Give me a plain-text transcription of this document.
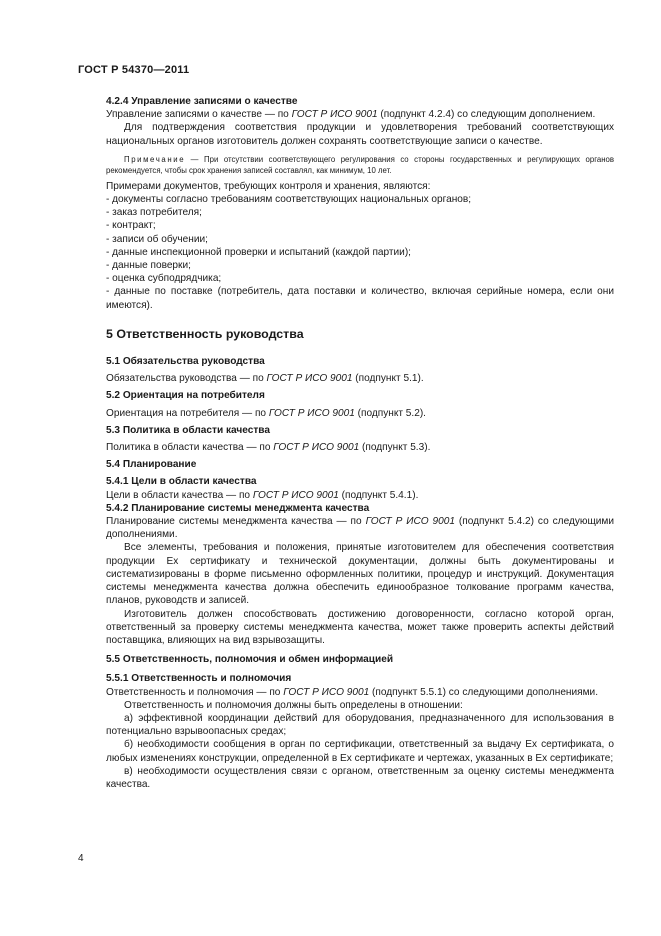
ГОСТ Р 54370—2011

4.2.4 Управление записями о качестве

Управление записями о качестве — по ГОСТ Р ИСО 9001 (подпункт 4.2.4) со следующим дополнением.

Для подтверждения соответствия продукции и удовлетворения требований соответствующих национальных органов изготовитель должен сохранять соответствующие записи о качестве.

Примечание — При отсутствии соответствующего регулирования со стороны государственных и регулирующих органов рекомендуется, чтобы срок хранения записей составлял, как минимум, 10 лет.

Примерами документов, требующих контроля и хранения, являются:

- документы согласно требованиям соответствующих национальных органов;

- заказ потребителя;

- контракт;

- записи об обучении;

- данные инспекционной проверки и испытаний (каждой партии);

- данные поверки;

- оценка субподрядчика;

- данные по поставке (потребитель, дата поставки и количество, включая серийные номера, если они имеются).

5 Ответственность руководства

5.1 Обязательства руководства

Обязательства руководства — по ГОСТ Р ИСО 9001 (подпункт 5.1).

5.2 Ориентация на потребителя

Ориентация на потребителя — по ГОСТ Р ИСО 9001 (подпункт 5.2).

5.3 Политика в области качества

Политика в области качества — по ГОСТ Р ИСО 9001 (подпункт 5.3).

5.4 Планирование

5.4.1 Цели в области качества

Цели в области качества — по ГОСТ Р ИСО 9001 (подпункт 5.4.1).

5.4.2 Планирование системы менеджмента качества

Планирование системы менеджмента качества — по ГОСТ Р ИСО 9001 (подпункт 5.4.2) со следующими дополнениями.

Все элементы, требования и положения, принятые изготовителем для обеспечения соответствия продукции Ex сертификату и технической документации, должны быть документированы и систематизированы в форме письменно оформленных политики, процедур и инструкций. Документация системы менеджмента качества должна обеспечить единообразное толкование программ качества, планов, руководств и записей.

Изготовитель должен способствовать достижению договоренности, согласно которой орган, ответственный за проверку системы менеджмента качества, может также проверить аспекты действий поставщика, влияющих на вид взрывозащиты.

5.5 Ответственность, полномочия и обмен информацией

5.5.1 Ответственность и полномочия

Ответственность и полномочия — по ГОСТ Р ИСО 9001 (подпункт 5.5.1) со следующими дополнениями.

Ответственность и полномочия должны быть определены в отношении:

а) эффективной координации действий для оборудования, предназначенного для использования в потенциально взрывоопасных средах;

б) необходимости сообщения в орган по сертификации, ответственный за выдачу Ex сертификата, о любых изменениях конструкции, определенной в Ex сертификате и чертежах, указанных в Ex сертификате;

в) необходимости осуществления связи с органом, ответственным за оценку системы менеджмента качества.

4
